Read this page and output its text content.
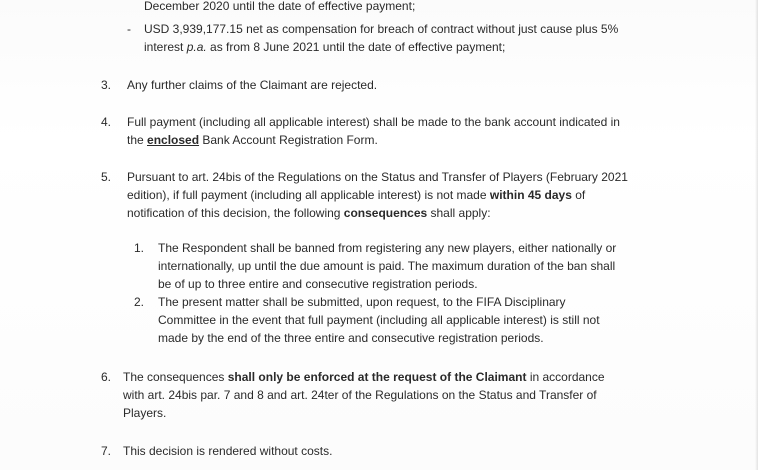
December 2020 until the date of effective payment;
- USD 3,939,177.15 net as compensation for breach of contract without just cause plus 5%
interest p.a. as from 8 June 2021 until the date of effective payment;
3. Any further claims of the Claimant are rejected.
4. Full payment (including all applicable interest) shall be made to the bank account indicated in
the enclosed Bank Account Registration Form.
5. Pursuant to art. 24bis of the Regulations on the Status and Transfer of Players (February 2021
edition), if full payment (including all applicable interest) is not made within 45 days of
notification of this decision, the following consequences shall apply:
1. The Respondent shall be banned from registering any new players, either nationally or
internationally, up until the due amount is paid. The maximum duration of the ban shall
be of up to three entire and consecutive registration periods.
2. The present matter shall be submitted, upon request, to the FIFA Disciplinary
Committee in the event that full payment (including all applicable interest) is still not
made by the end of the three entire and consecutive registration periods.
6. The consequences shall only be enforced at the request of the Claimant in accordance
with art. 24bis par. 7 and 8 and art. 24ter of the Regulations on the Status and Transfer of
Players.
7. This decision is rendered without costs.
